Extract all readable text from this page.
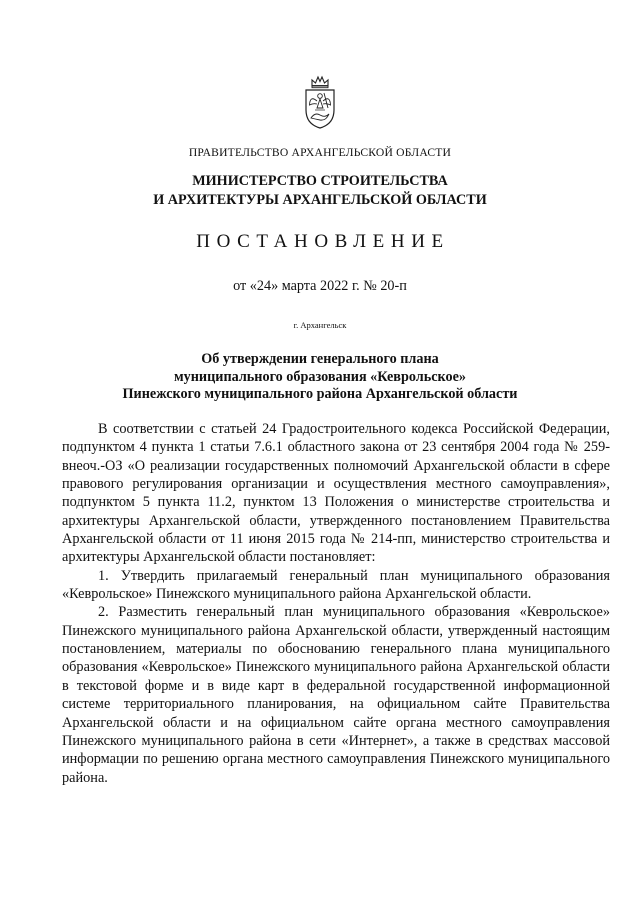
ПРАВИТЕЛЬСТВО АРХАНГЕЛЬСКОЙ ОБЛАСТИ
МИНИСТЕРСТВО СТРОИТЕЛЬСТВА
И АРХИТЕКТУРЫ АРХАНГЕЛЬСКОЙ ОБЛАСТИ
ПОСТАНОВЛЕНИЕ
от «24» марта 2022 г. № 20-п
г. Архангельск
Об утверждении генерального плана
муниципального образования «Кеврольское»
Пинежского муниципального района Архангельской области

В соответствии с статьей 24 Градостроительного кодекса Российской Федерации, подпунктом 4 пункта 1 статьи 7.6.1 областного закона от 23 сентября 2004 года № 259-внеоч.-ОЗ «О реализации государственных полномочий Архангельской области в сфере правового регулирования организации и осуществления местного самоуправления», подпунктом 5 пункта 11.2, пунктом 13 Положения о министерстве строительства и архитектуры Архангельской области, утвержденного постановлением Правительства Архангельской области от 11 июня 2015 года № 214-пп, министерство строительства и архитектуры Архангельской области постановляет:

1. Утвердить прилагаемый генеральный план муниципального образования «Кеврольское» Пинежского муниципального района Архангельской области.

2. Разместить генеральный план муниципального образования «Кеврольское» Пинежского муниципального района Архангельской области, утвержденный настоящим постановлением, материалы по обоснованию генерального плана муниципального образования «Кеврольское» Пинежского муниципального района Архангельской области в текстовой форме и в виде карт в федеральной государственной информационной системе территориального планирования, на официальном сайте Правительства Архангельской области и на официальном сайте органа местного самоуправления Пинежского муниципального района в сети «Интернет», а также в средствах массовой информации по решению органа местного самоуправления Пинежского муниципального района.
